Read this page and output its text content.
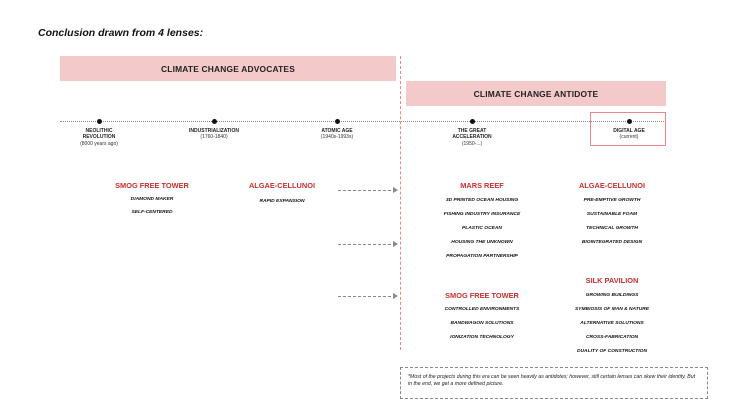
Conclusion drawn from 4 lenses:
CLIMATE CHANGE ADVOCATES
CLIMATE CHANGE ANTIDOTE
NEOLITHIC
REVOLUTION
(8000 years ago)
INDUSTRIALIZATION
(1760-1840)
ATOMIC AGE
(1940s-1993s)
THE GREAT
ACCELERATION
(1950-...)
DIGITAL AGE
(current)
SMOG FREE TOWER
DIAMOND MAKER
SELF-CENTERED
ALGAE-CELLUNOI
RAPID EXPANSION
MARS REEF
3D PRINTED OCEAN HOUSING
FISHING INDUSTRY INSURANCE
PLASTIC OCEAN
HOUSING THE UNKNOWN
PROPAGATION PARTNERSHIP
ALGAE-CELLUNOI
PRE-EMPTIVE GROWTH
SUSTAINABLE FOAM
TECHNICAL GROWTH
BIOINTEGRATED DESIGN
SMOG FREE TOWER
CONTROLLED ENVIRONMENTS
BANDWAGON SOLUTIONS
IONIZATION TECHNOLOGY
SILK PAVILION
GROWING BUILDINGS
SYMBIOSIS OF MAN & NATURE
ALTERNATIVE SOLUTIONS
CROSS-FABRICATION
DUALITY OF CONSTRUCTION
*Most of the projects during this era can be seen heavily as antidotes; however, still certain lenses can skew their identity. But in the end, we get a more defined picture.
